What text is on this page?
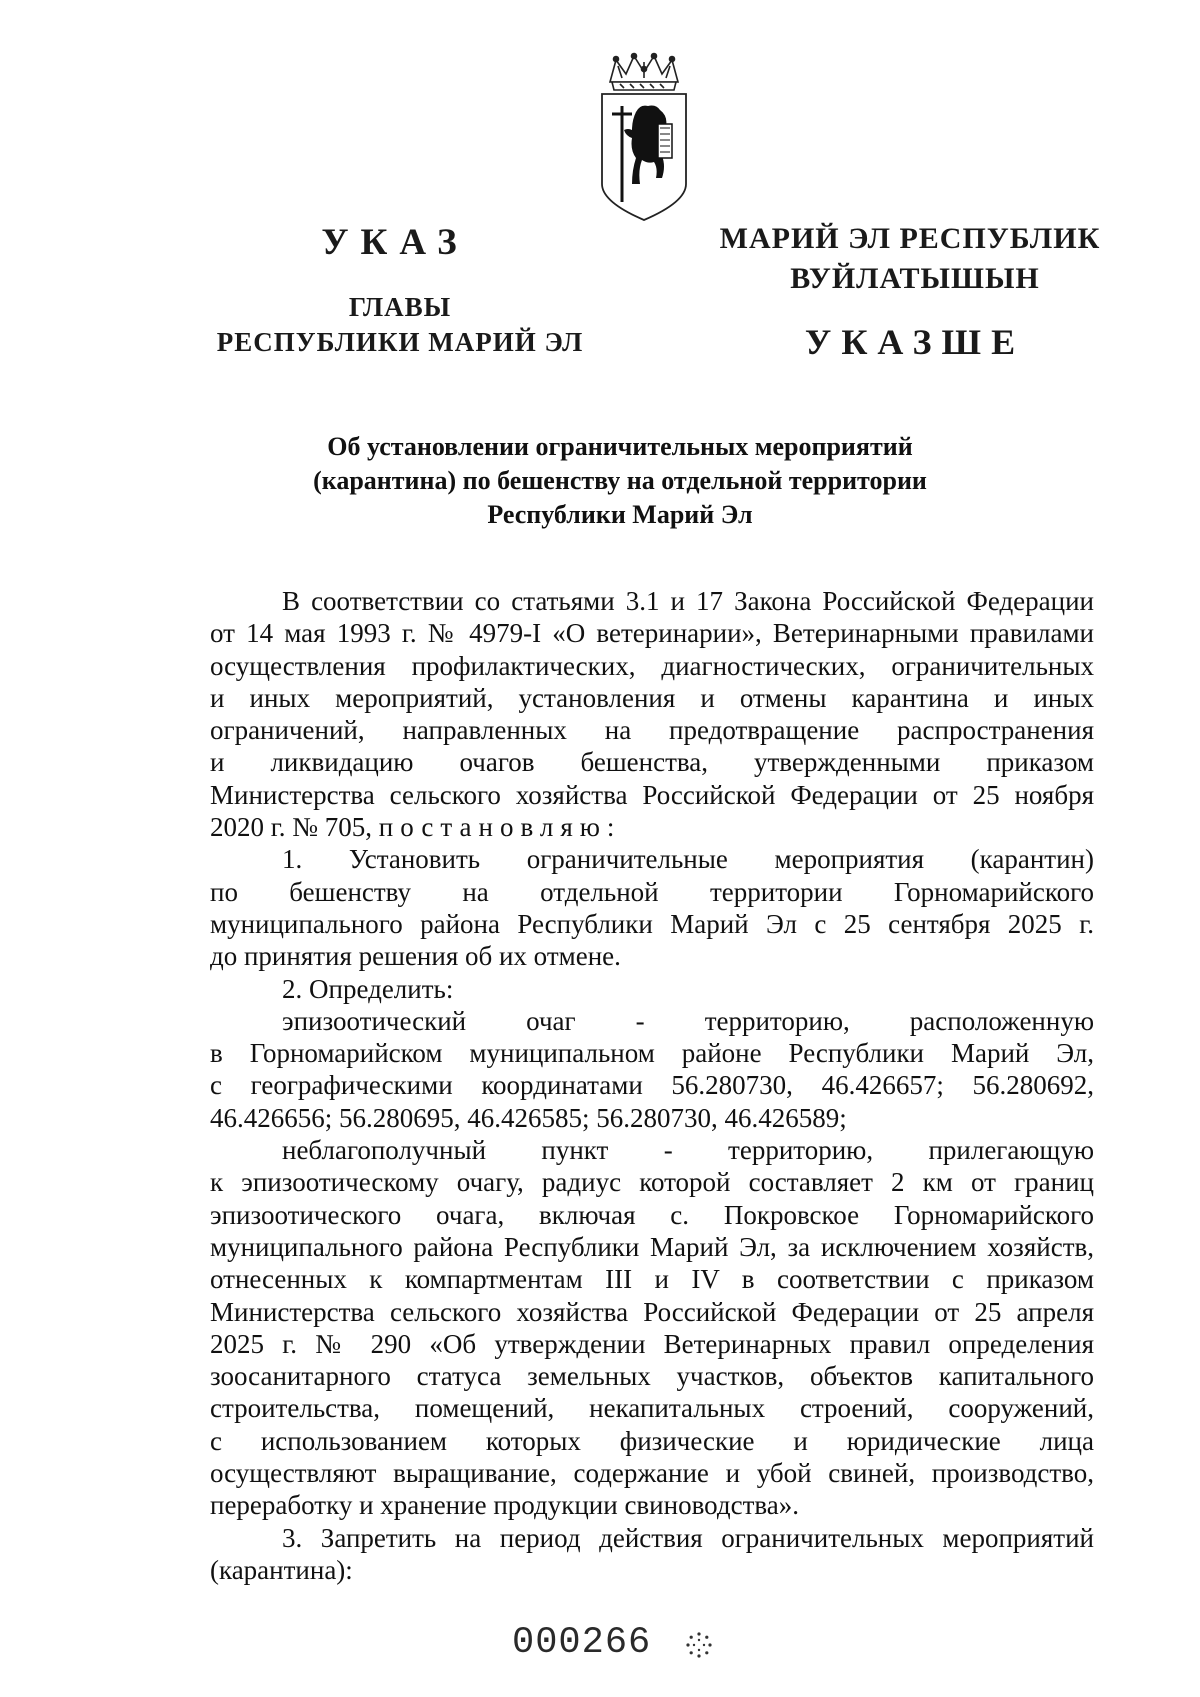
УКАЗ
ГЛАВЫ
РЕСПУБЛИКИ МАРИЙ ЭЛ
МАРИЙ ЭЛ РЕСПУБЛИК
ВУЙЛАТЫШЫН
УКАЗШЕ
Об установлении ограничительных мероприятий
(карантина) по бешенству на отдельной территории
Республики Марий Эл
В соответствии со статьями 3.1 и 17 Закона Российской Федерации
от 14 мая 1993 г. № 4979-I «О ветеринарии», Ветеринарными правилами
осуществления профилактических, диагностических, ограничительных
и иных мероприятий, установления и отмены карантина и иных
ограничений, направленных на предотвращение распространения
и ликвидацию очагов бешенства, утвержденными приказом
Министерства сельского хозяйства Российской Федерации от 25 ноября
2020 г. № 705, постановляю:
1. Установить ограничительные мероприятия (карантин)
по бешенству на отдельной территории Горномарийского
муниципального района Республики Марий Эл с 25 сентября 2025 г.
до принятия решения об их отмене.
2. Определить:
эпизоотический очаг - территорию, расположенную
в Горномарийском муниципальном районе Республики Марий Эл,
с географическими координатами 56.280730, 46.426657; 56.280692,
46.426656; 56.280695, 46.426585; 56.280730, 46.426589;
неблагополучный пункт - территорию, прилегающую
к эпизоотическому очагу, радиус которой составляет 2 км от границ
эпизоотического очага, включая с. Покровское Горномарийского
муниципального района Республики Марий Эл, за исключением хозяйств,
отнесенных к компартментам III и IV в соответствии с приказом
Министерства сельского хозяйства Российской Федерации от 25 апреля
2025 г. № 290 «Об утверждении Ветеринарных правил определения
зоосанитарного статуса земельных участков, объектов капитального
строительства, помещений, некапитальных строений, сооружений,
с использованием которых физические и юридические лица
осуществляют выращивание, содержание и убой свиней, производство,
переработку и хранение продукции свиноводства».
3. Запретить на период действия ограничительных мероприятий
(карантина):
000266
